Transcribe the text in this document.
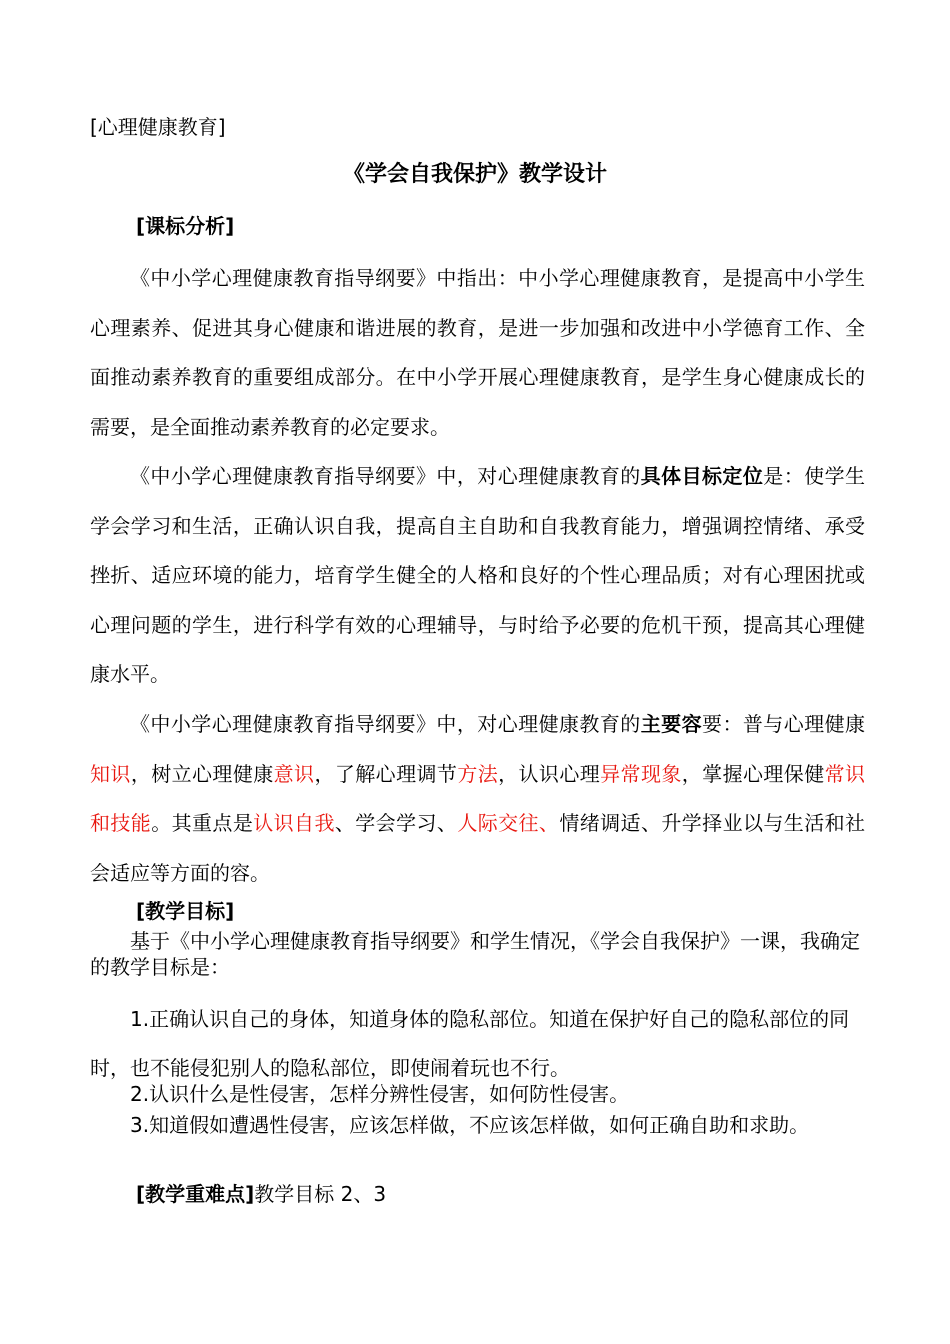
[心理健康教育]

《学会自我保护》教学设计

[课标分析]

《中小学心理健康教育指导纲要》中指出：中小学心理健康教育，是提高中小学生心理素养、促进其身心健康和谐进展的教育，是进一步加强和改进中小学德育工作、全面推动素养教育的重要组成部分。在中小学开展心理健康教育，是学生身心健康成长的需要，是全面推动素养教育的必定要求。

《中小学心理健康教育指导纲要》中，对心理健康教育的具体目标定位是：使学生学会学习和生活，正确认识自我，提高自主自助和自我教育能力，增强调控情绪、承受挫折、适应环境的能力，培育学生健全的人格和良好的个性心理品质；对有心理困扰或心理问题的学生，进行科学有效的心理辅导，与时给予必要的危机干预，提高其心理健康水平。

《中小学心理健康教育指导纲要》中，对心理健康教育的主要容要：普与心理健康知识，树立心理健康意识，了解心理调节方法，认识心理异常现象，掌握心理保健常识和技能。其重点是认识自我、学会学习、人际交往、情绪调适、升学择业以与生活和社会适应等方面的容。

[教学目标]

基于《中小学心理健康教育指导纲要》和学生情况，《学会自我保护》一课，我确定的教学目标是：

1.正确认识自己的身体，知道身体的隐私部位。知道在保护好自己的隐私部位的同时，也不能侵犯别人的隐私部位，即使闹着玩也不行。

2.认识什么是性侵害，怎样分辨性侵害，如何防性侵害。

3.知道假如遭遇性侵害，应该怎样做，不应该怎样做，如何正确自助和求助。

[教学重难点]教学目标 2、3
